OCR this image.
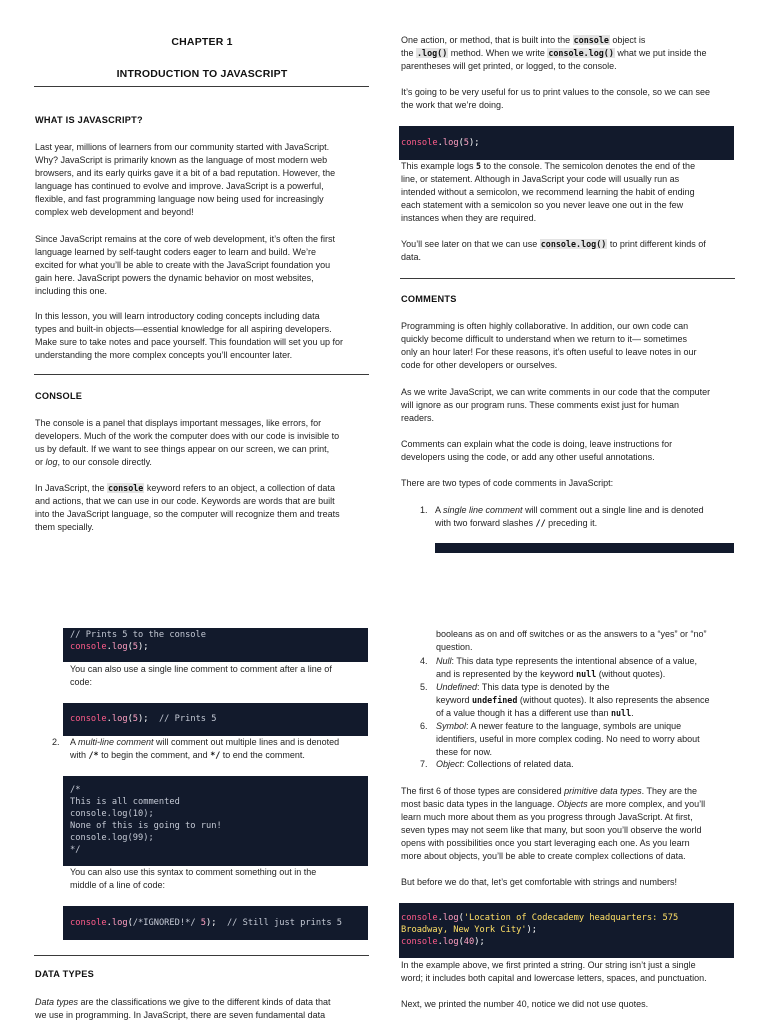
CHAPTER 1
INTRODUCTION TO JAVASCRIPT
WHAT IS JAVASCRIPT?
Last year, millions of learners from our community started with JavaScript.
Why? JavaScript is primarily known as the language of most modern web
browsers, and its early quirks gave it a bit of a bad reputation. However, the
language has continued to evolve and improve. JavaScript is a powerful,
flexible, and fast programming language now being used for increasingly
complex web development and beyond!
Since JavaScript remains at the core of web development, it’s often the first
language learned by self-taught coders eager to learn and build. We’re
excited for what you’ll be able to create with the JavaScript foundation you
gain here. JavaScript powers the dynamic behavior on most websites,
including this one.
In this lesson, you will learn introductory coding concepts including data
types and built-in objects—essential knowledge for all aspiring developers.
Make sure to take notes and pace yourself. This foundation will set you up for
understanding the more complex concepts you’ll encounter later.
CONSOLE
The console is a panel that displays important messages, like errors, for
developers. Much of the work the computer does with our code is invisible to
us by default. If we want to see things appear on our screen, we can print,
or log, to our console directly.
In JavaScript, the console keyword refers to an object, a collection of data
and actions, that we can use in our code. Keywords are words that are built
into the JavaScript language, so the computer will recognize them and treats
them specially.
One action, or method, that is built into the console object is
the .log() method. When we write console.log() what we put inside the
parentheses will get printed, or logged, to the console.
It’s going to be very useful for us to print values to the console, so we can see
the work that we’re doing.
console.log(5);
This example logs 5 to the console. The semicolon denotes the end of the
line, or statement. Although in JavaScript your code will usually run as
intended without a semicolon, we recommend learning the habit of ending
each statement with a semicolon so you never leave one out in the few
instances when they are required.
You’ll see later on that we can use console.log() to print different kinds of
data.
COMMENTS
Programming is often highly collaborative. In addition, our own code can
quickly become difficult to understand when we return to it— sometimes
only an hour later! For these reasons, it’s often useful to leave notes in our
code for other developers or ourselves.
As we write JavaScript, we can write comments in our code that the computer
will ignore as our program runs. These comments exist just for human
readers.
Comments can explain what the code is doing, leave instructions for
developers using the code, or add any other useful annotations.
There are two types of code comments in JavaScript:
1. A single line comment will comment out a single line and is denoted
with two forward slashes // preceding it.
// Prints 5 to the console
console.log(5);
You can also use a single line comment to comment after a line of
code:
console.log(5);  // Prints 5
2. A multi-line comment will comment out multiple lines and is denoted
with /* to begin the comment, and */ to end the comment.
/*
This is all commented
console.log(10);
None of this is going to run!
console.log(99);
*/
You can also use this syntax to comment something out in the
middle of a line of code:
console.log(/*IGNORED!*/ 5);  // Still just prints 5
DATA TYPES
Data types are the classifications we give to the different kinds of data that
we use in programming. In JavaScript, there are seven fundamental data
booleans as on and off switches or as the answers to a “yes” or “no”
question.
4. Null: This data type represents the intentional absence of a value,
and is represented by the keyword null (without quotes).
5. Undefined: This data type is denoted by the
keyword undefined (without quotes). It also represents the absence
of a value though it has a different use than null.
6. Symbol: A newer feature to the language, symbols are unique
identifiers, useful in more complex coding. No need to worry about
these for now.
7. Object: Collections of related data.
The first 6 of those types are considered primitive data types. They are the
most basic data types in the language. Objects are more complex, and you’ll
learn much more about them as you progress through JavaScript. At first,
seven types may not seem like that many, but soon you’ll observe the world
opens with possibilities once you start leveraging each one. As you learn
more about objects, you’ll be able to create complex collections of data.
But before we do that, let’s get comfortable with strings and numbers!
console.log('Location of Codecademy headquarters: 575
Broadway, New York City');
console.log(40);
In the example above, we first printed a string. Our string isn’t just a single
word; it includes both capital and lowercase letters, spaces, and punctuation.
Next, we printed the number 40, notice we did not use quotes.
